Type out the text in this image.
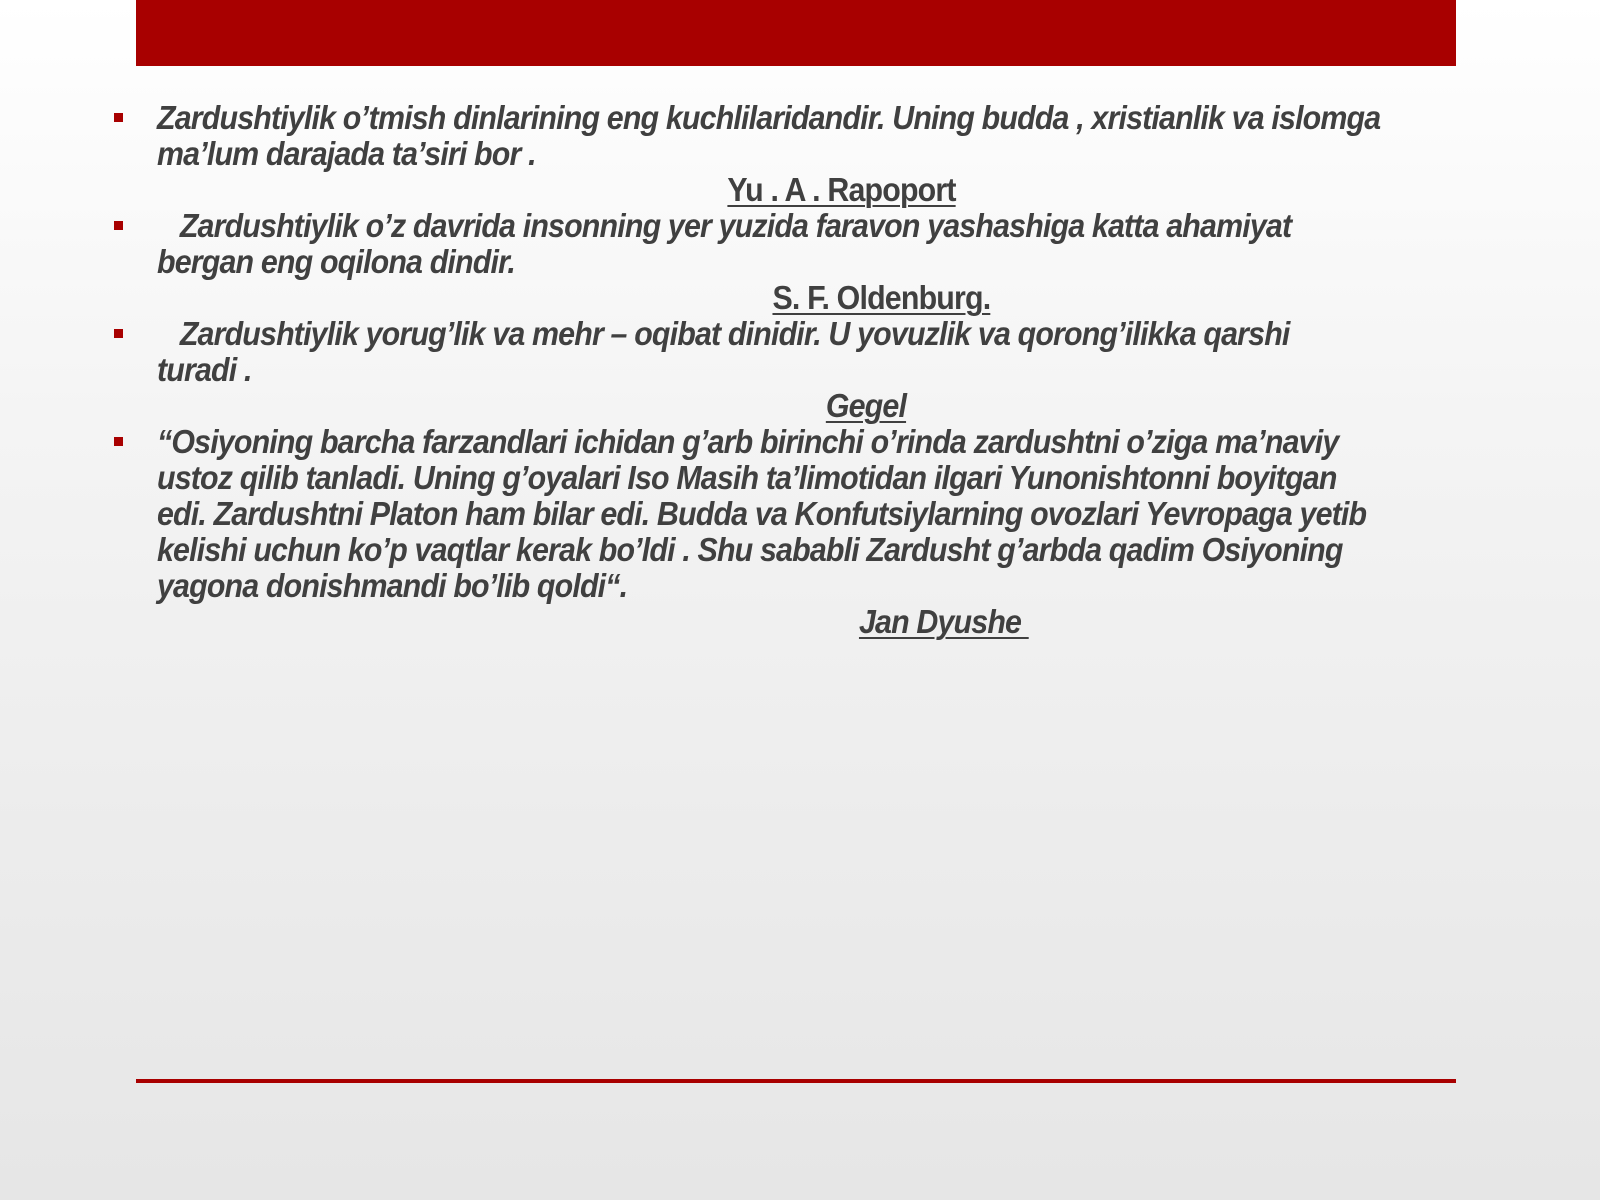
Zardushtiylik o’tmish dinlarining eng kuchlilaridandir. Uning budda , xristianlik va islomga
ma’lum darajada ta’siri bor .
Yu . A . Rapoport
Zardushtiylik o’z davrida insonning yer yuzida faravon yashashiga katta ahamiyat
bergan eng oqilona dindir.
S. F. Oldenburg.
Zardushtiylik yorug’lik va mehr – oqibat dinidir. U yovuzlik va qorong’ilikka qarshi
turadi .
Gegel
“Osiyoning barcha farzandlari ichidan g’arb birinchi o’rinda zardushtni o’ziga ma’naviy
ustoz qilib tanladi. Uning g’oyalari Iso Masih ta’limotidan ilgari Yunonishtonni boyitgan
edi. Zardushtni Platon ham bilar edi. Budda va Konfutsiylarning ovozlari Yevropaga yetib
kelishi uchun ko’p vaqtlar kerak bo’ldi . Shu sababli Zardusht g’arbda qadim Osiyoning
yagona donishmandi bo’lib qoldi“.
Jan Dyushe
